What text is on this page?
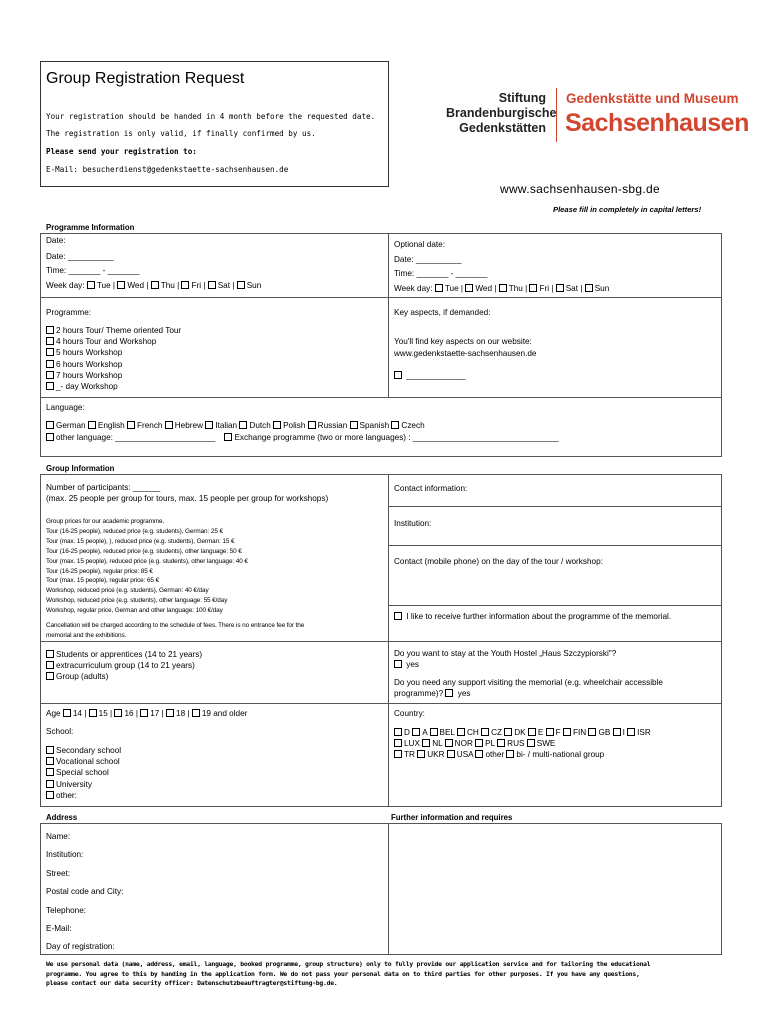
Group Registration Request
Your registration should be handed in 4 month before the requested date.
The registration is only valid, if finally confirmed by us.
Please send your registration to:
E-Mail: besucherdienst@gedenkstaette-sachsenhausen.de
Stiftung
Brandenburgische
Gedenkstätten
Gedenkstätte und Museum
Sachsenhausen
www.sachsenhausen-sbg.de
Please fill in completely in capital letters!
Programme Information
Date:
Date: __________
Time: _______ - _______
Week day: Tue | Wed | Thu | Fri | Sat | Sun
Optional date:
Date: __________
Time: _______ - _______
Week day: Tue | Wed | Thu | Fri | Sat | Sun
Programme:
2 hours Tour/ Theme oriented Tour
4 hours Tour and Workshop
5 hours Workshop
6 hours Workshop
7 hours Workshop
_- day Workshop
Key aspects, if demanded:
You'll find key aspects on our website:
www.gedenkstaette-sachsenhausen.de
_____________
Language:
German English French Hebrew Italian Dutch Polish Russian Spanish Czech
other language: ______________________ Exchange programme (two or more languages) : ________________________________
Group Information
Number of participants: ______
(max. 25 people per group for tours, max. 15 people per group for workshops)
Group prices for our academic programme.
Tour (16-25 people), reduced price (e.g. students), German: 25 €
Tour (max. 15 people), ), reduced price (e.g. students), German: 15 €
Tour (16-25 people), reduced price (e.g. students), other language: 50 €
Tour (max. 15 people), reduced price (e.g. students), other language: 40 €
Tour (16-25 people), regular price: 85 €
Tour (max. 15 people), regular price: 65 €
Workshop, reduced price (e.g. students), German: 40 €/day
Workshop, reduced price (e.g. students), other language: 55 €/day
Workshop, regular price, German and other language: 100 €/day
Cancellation will be charged according to the schedule of fees. There is no entrance fee for the
memorial and the exhibitions.
Contact information:
Institution:
Contact (mobile phone) on the day of the tour / workshop:
I like to receive further information about the programme of the memorial.
Students or apprentices (14 to 21 years)
extracurriculum group (14 to 21 years)
Group (adults)
Do you want to stay at the Youth Hostel „Haus Szczypiorski"?
yes
Do you need any support visiting the memorial (e.g. wheelchair accessible
programme)? yes
Age 14 | 15 | 16 | 17 | 18 | 19 and older
School:
Secondary school
Vocational school
Special school
University
other:
Country:
D A BEL CH CZ DK E F FIN GB I ISR
LUX NL NOR PL RUS SWE
TR UKR USA other bi- / multi-national group
Address	Further information and requires
Name:
Institution:
Street:
Postal code and City:
Telephone:
E-Mail:
Day of registration:
We use personal data (name, address, email, language, booked programme, group structure) only to fully provide our application service and for tailoring the educational
programme. You agree to this by handing in the application form. We do not pass your personal data on to third parties for other purposes. If you have any questions,
please contact our data security officer: Datenschutzbeauftragter@stiftung-bg.de.
